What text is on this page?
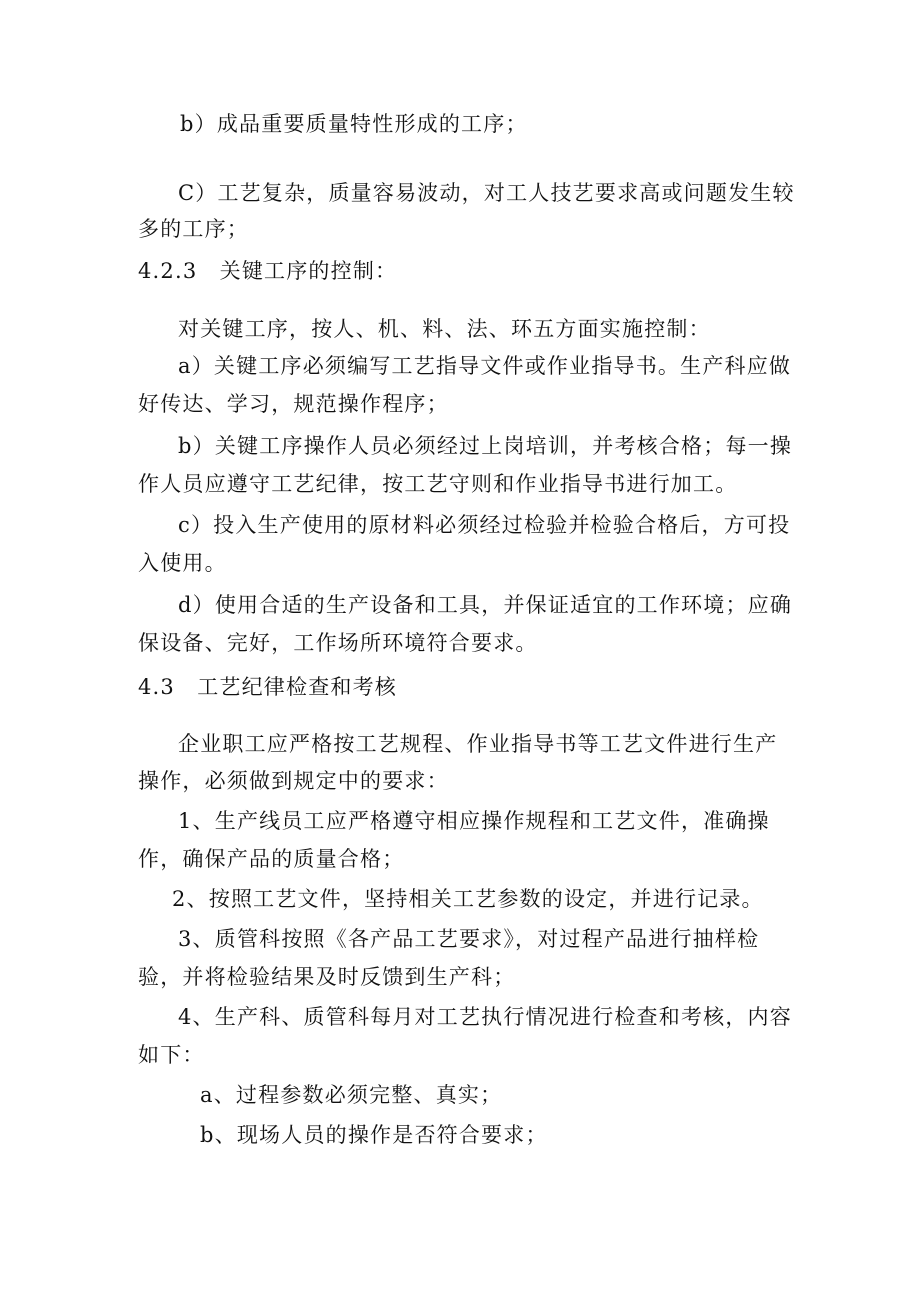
b）成品重要质量特性形成的工序；

C）工艺复杂，质量容易波动，对工人技艺要求高或问题发生较

多的工序；

4.2.3　关键工序的控制：

对关键工序，按人、机、料、法、环五方面实施控制：

a）关键工序必须编写工艺指导文件或作业指导书。生产科应做

好传达、学习，规范操作程序；

b）关键工序操作人员必须经过上岗培训，并考核合格；每一操

作人员应遵守工艺纪律，按工艺守则和作业指导书进行加工。

c）投入生产使用的原材料必须经过检验并检验合格后，方可投

入使用。

d）使用合适的生产设备和工具，并保证适宜的工作环境；应确

保设备、完好，工作场所环境符合要求。

4.3　工艺纪律检查和考核

企业职工应严格按工艺规程、作业指导书等工艺文件进行生产

操作，必须做到规定中的要求：

1、生产线员工应严格遵守相应操作规程和工艺文件，准确操

作，确保产品的质量合格；

2、按照工艺文件，坚持相关工艺参数的设定，并进行记录。

3、质管科按照《各产品工艺要求》，对过程产品进行抽样检

验，并将检验结果及时反馈到生产科；

4、生产科、质管科每月对工艺执行情况进行检查和考核，内容

如下：

a、过程参数必须完整、真实；

b、现场人员的操作是否符合要求；
